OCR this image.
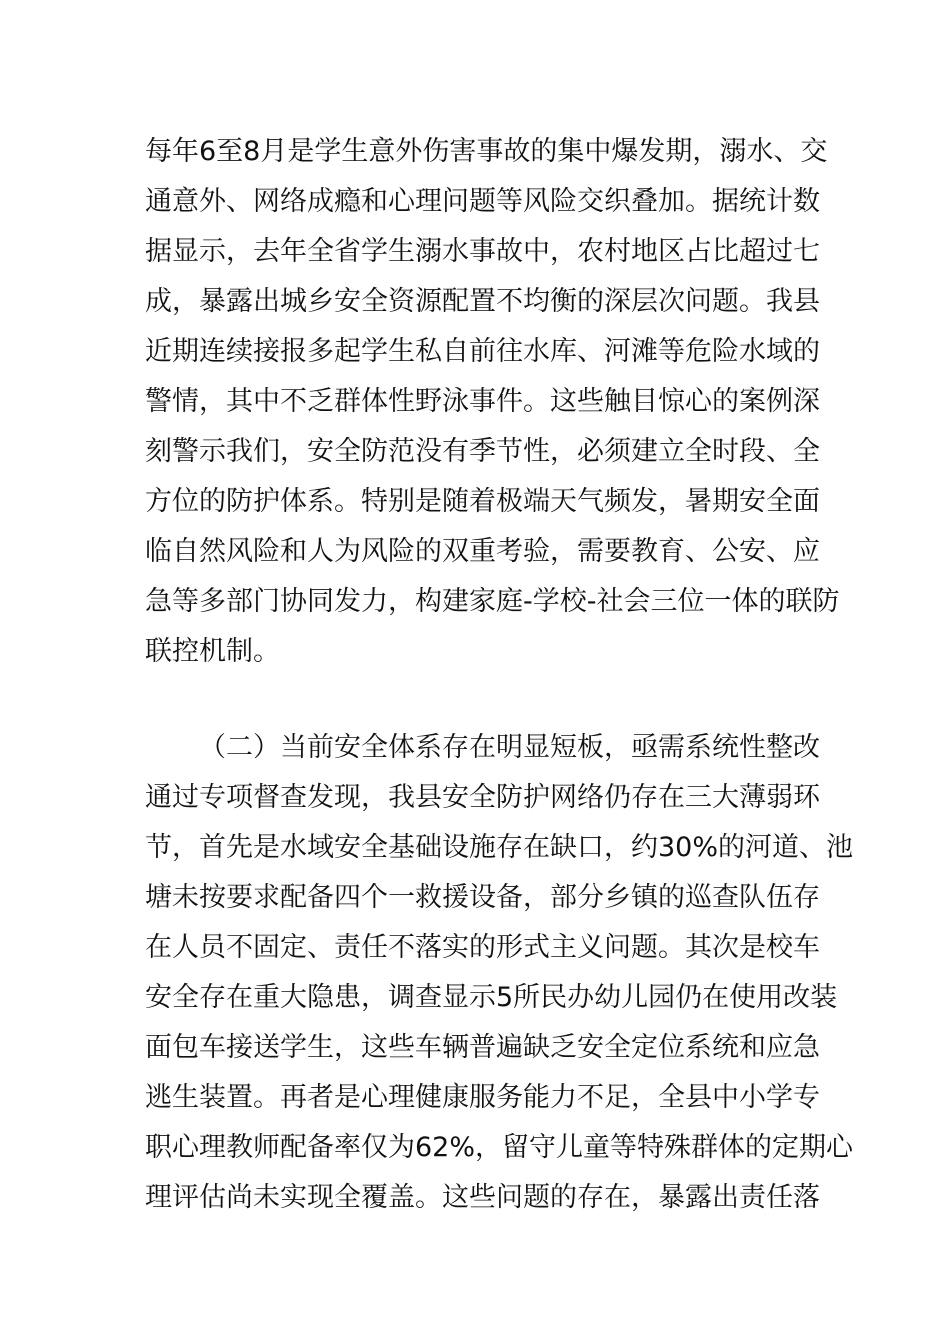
每年6至8月是学生意外伤害事故的集中爆发期，溺水、交
通意外、网络成瘾和心理问题等风险交织叠加。据统计数
据显示，去年全省学生溺水事故中，农村地区占比超过七
成，暴露出城乡安全资源配置不均衡的深层次问题。我县
近期连续接报多起学生私自前往水库、河滩等危险水域的
警情，其中不乏群体性野泳事件。这些触目惊心的案例深
刻警示我们，安全防范没有季节性，必须建立全时段、全
方位的防护体系。特别是随着极端天气频发，暑期安全面
临自然风险和人为风险的双重考验，需要教育、公安、应
急等多部门协同发力，构建家庭-学校-社会三位一体的联防
联控机制。
（二）当前安全体系存在明显短板，亟需系统性整改
通过专项督查发现，我县安全防护网络仍存在三大薄弱环
节，首先是水域安全基础设施存在缺口，约30%的河道、池
塘未按要求配备四个一救援设备，部分乡镇的巡查队伍存
在人员不固定、责任不落实的形式主义问题。其次是校车
安全存在重大隐患，调查显示5所民办幼儿园仍在使用改装
面包车接送学生，这些车辆普遍缺乏安全定位系统和应急
逃生装置。再者是心理健康服务能力不足，全县中小学专
职心理教师配备率仅为62%，留守儿童等特殊群体的定期心
理评估尚未实现全覆盖。这些问题的存在，暴露出责任落
